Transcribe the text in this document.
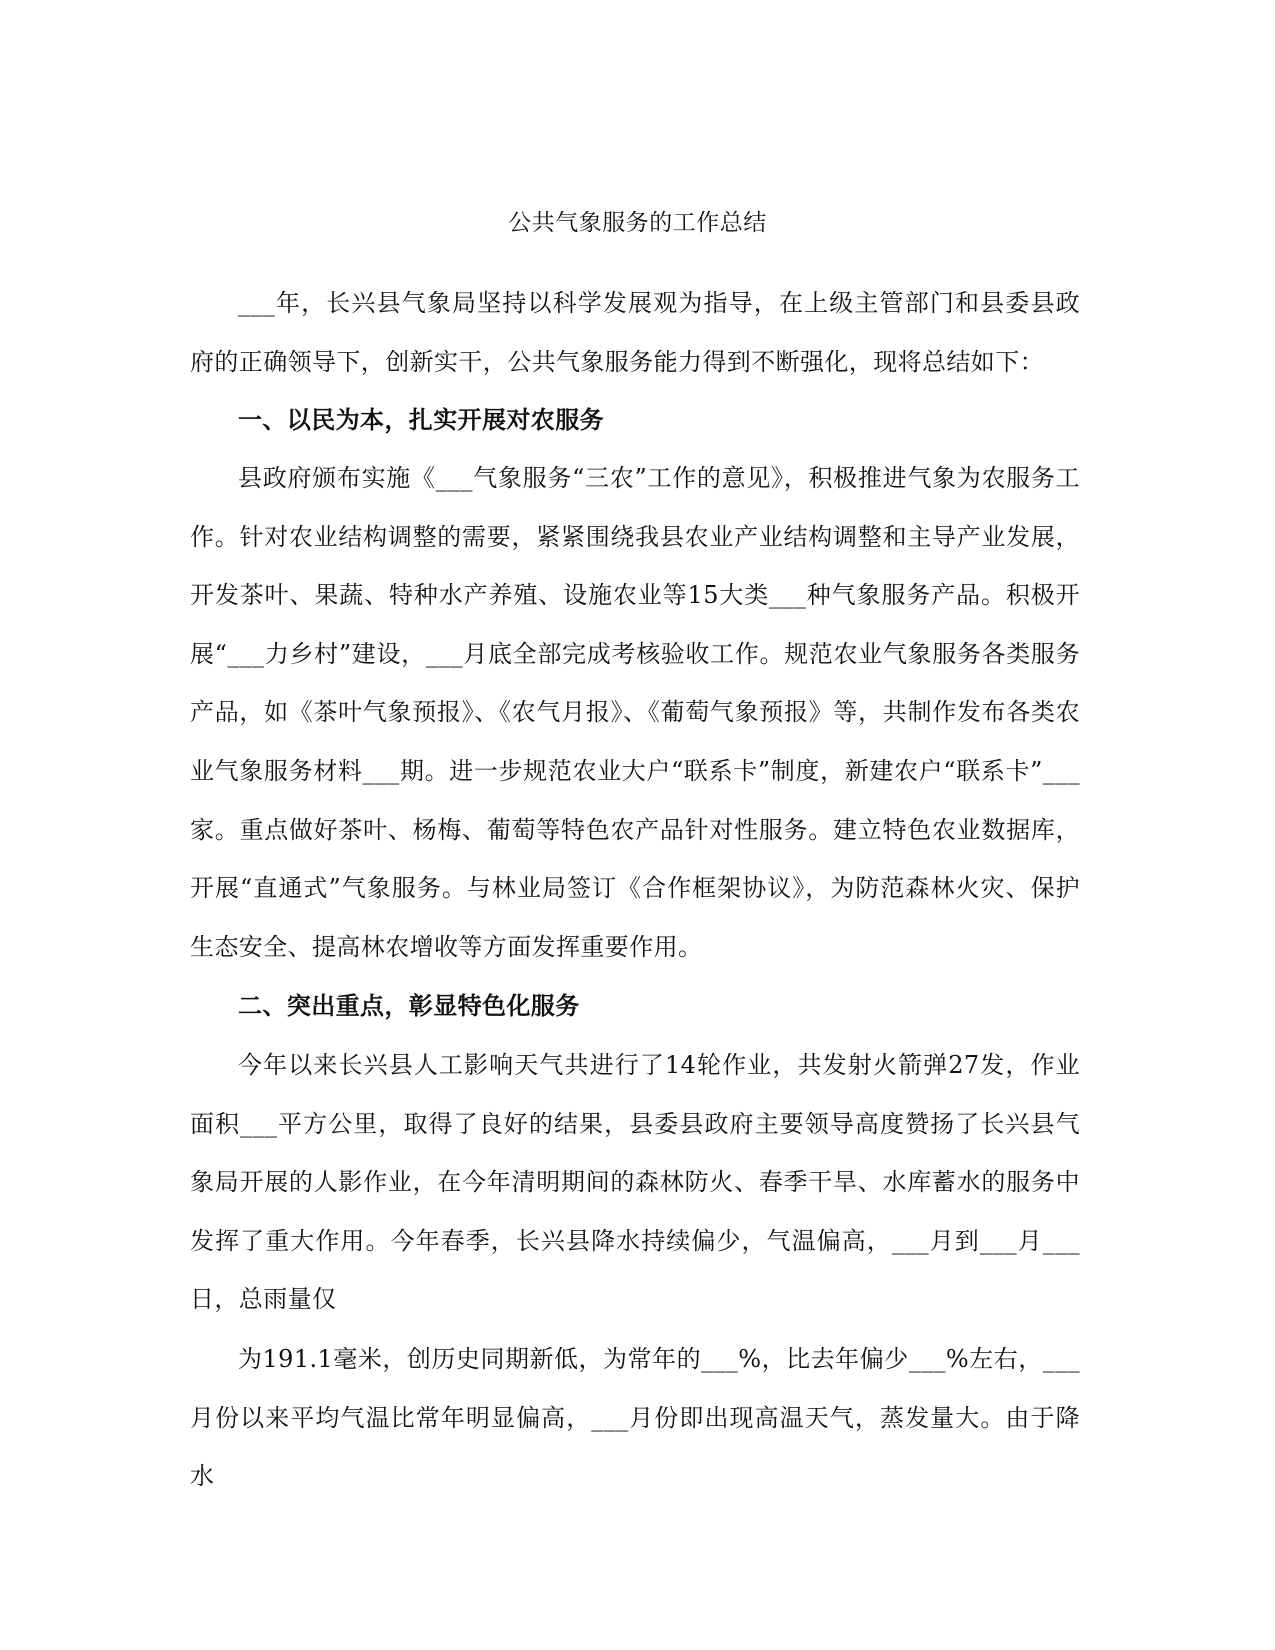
公共气象服务的工作总结

___年，长兴县气象局坚持以科学发展观为指导，在上级主管部门和县委县政府的正确领导下，创新实干，公共气象服务能力得到不断强化，现将总结如下：

一、以民为本，扎实开展对农服务

县政府颁布实施《___气象服务“三农”工作的意见》，积极推进气象为农服务工作。针对农业结构调整的需要，紧紧围绕我县农业产业结构调整和主导产业发展，开发茶叶、果蔬、特种水产养殖、设施农业等15大类___种气象服务产品。积极开展“___力乡村”建设，___月底全部完成考核验收工作。规范农业气象服务各类服务产品，如《茶叶气象预报》、《农气月报》、《葡萄气象预报》等，共制作发布各类农业气象服务材料___期。进一步规范农业大户“联系卡”制度，新建农户“联系卡”___家。重点做好茶叶、杨梅、葡萄等特色农产品针对性服务。建立特色农业数据库，开展“直通式”气象服务。与林业局签订《合作框架协议》，为防范森林火灾、保护生态安全、提高林农增收等方面发挥重要作用。

二、突出重点，彰显特色化服务

今年以来长兴县人工影响天气共进行了14轮作业，共发射火箭弹27发，作业面积___平方公里，取得了良好的结果，县委县政府主要领导高度赞扬了长兴县气象局开展的人影作业，在今年清明期间的森林防火、春季干旱、水库蓄水的服务中发挥了重大作用。今年春季，长兴县降水持续偏少，气温偏高，___月到___月___日，总雨量仅

为191.1毫米，创历史同期新低，为常年的___%，比去年偏少___%左右，___月份以来平均气温比常年明显偏高，___月份即出现高温天气，蒸发量大。由于降水
